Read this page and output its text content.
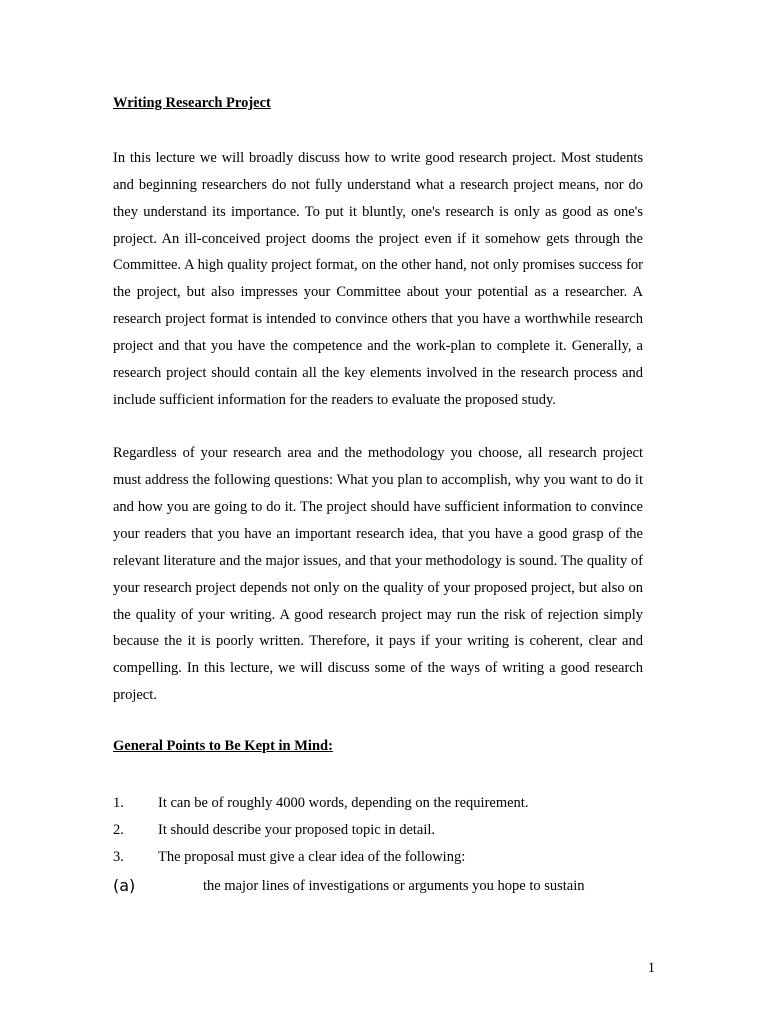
Writing Research Project

In this lecture we will broadly discuss how to write good research project. Most students and beginning researchers do not fully understand what a research project means, nor do they understand its importance. To put it bluntly, one's research is only as good as one's project. An ill-conceived project dooms the project even if it somehow gets through the Committee. A high quality project format, on the other hand, not only promises success for the project, but also impresses your Committee about your potential as a researcher. A research project format is intended to convince others that you have a worthwhile research project and that you have the competence and the work-plan to complete it. Generally, a research project should contain all the key elements involved in the research process and include sufficient information for the readers to evaluate the proposed study.

Regardless of your research area and the methodology you choose, all research project must address the following questions: What you plan to accomplish, why you want to do it and how you are going to do it. The project should have sufficient information to convince your readers that you have an important research idea, that you have a good grasp of the relevant literature and the major issues, and that your methodology is sound. The quality of your research project depends not only on the quality of your proposed project, but also on the quality of your writing. A good research project may run the risk of rejection simply because the it is poorly written. Therefore, it pays if your writing is coherent, clear and compelling. In this lecture, we will discuss some of the ways of writing a good research project.

General Points to Be Kept in Mind:

1.	It can be of roughly 4000 words, depending on the requirement.
2.	It should describe your proposed topic in detail.
3.	The proposal must give a clear idea of the following:
(a)	the major lines of investigations or arguments you hope to sustain
1
